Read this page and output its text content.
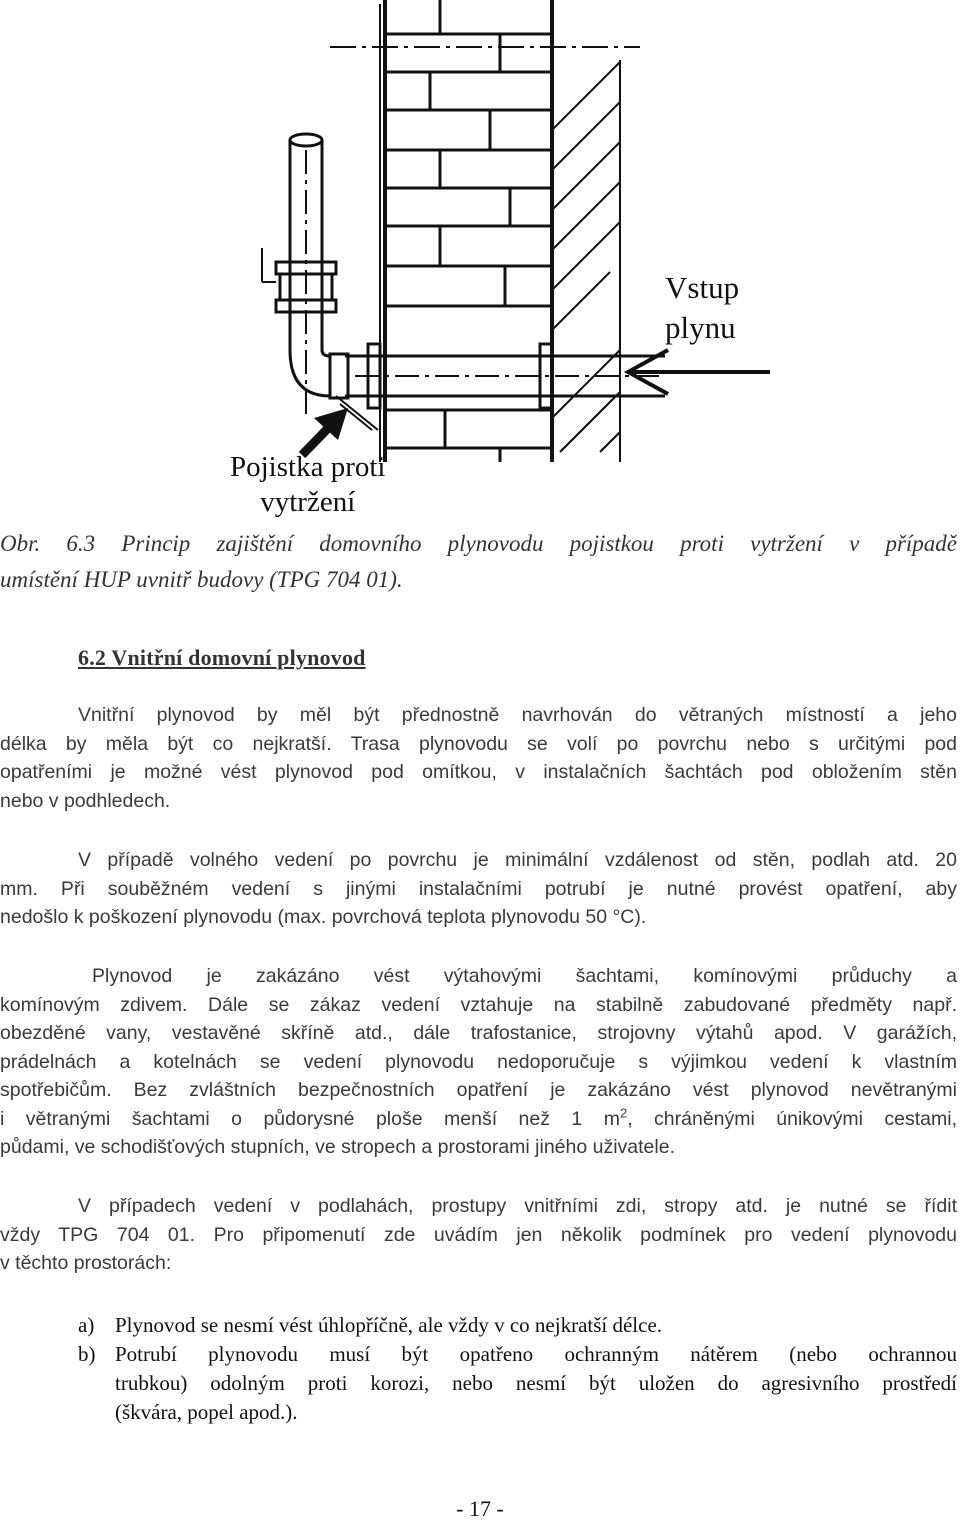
Vstup
plynu
Pojistka proti
vytržení
Obr. 6.3 Princip zajištění domovního plynovodu pojistkou proti vytržení v případě
umístění HUP uvnitř budovy (TPG 704 01).
6.2 Vnitřní domovní plynovod
Vnitřní plynovod by měl být přednostně navrhován do větraných místností a jeho
délka by měla být co nejkratší. Trasa plynovodu se volí po povrchu nebo s určitými pod
opatřeními je možné vést plynovod pod omítkou, v instalačních šachtách pod obložením stěn
nebo v podhledech.
V případě volného vedení po povrchu je minimální vzdálenost od stěn, podlah atd. 20
mm. Při souběžném vedení s jinými instalačními potrubí je nutné provést opatření, aby
nedošlo k poškození plynovodu (max. povrchová teplota plynovodu 50 °C).
Plynovod je zakázáno vést výtahovými šachtami, komínovými průduchy a
komínovým zdivem. Dále se zákaz vedení vztahuje na stabilně zabudované předměty např.
obezděné vany, vestavěné skříně atd., dále trafostanice, strojovny výtahů apod. V garážích,
prádelnách a kotelnách se vedení plynovodu nedoporučuje s výjimkou vedení k vlastním
spotřebičům. Bez zvláštních bezpečnostních opatření je zakázáno vést plynovod nevětranými
i větranými šachtami o půdorysné ploše menší než 1 $m^2$, chráněnými únikovými cestami,
půdami, ve schodišťových stupních, ve stropech a prostorami jiného uživatele.
V případech vedení v podlahách, prostupy vnitřními zdi, stropy atd. je nutné se řídit
vždy TPG 704 01. Pro připomenutí zde uvádím jen několik podmínek pro vedení plynovodu
v těchto prostorách:
a) Plynovod se nesmí vést úhlopříčně, ale vždy v co nejkratší délce.
b) Potrubí plynovodu musí být opatřeno ochranným nátěrem (nebo ochrannou
trubkou) odolným proti korozi, nebo nesmí být uložen do agresivního prostředí
(škvára, popel apod.).
- 17 -
